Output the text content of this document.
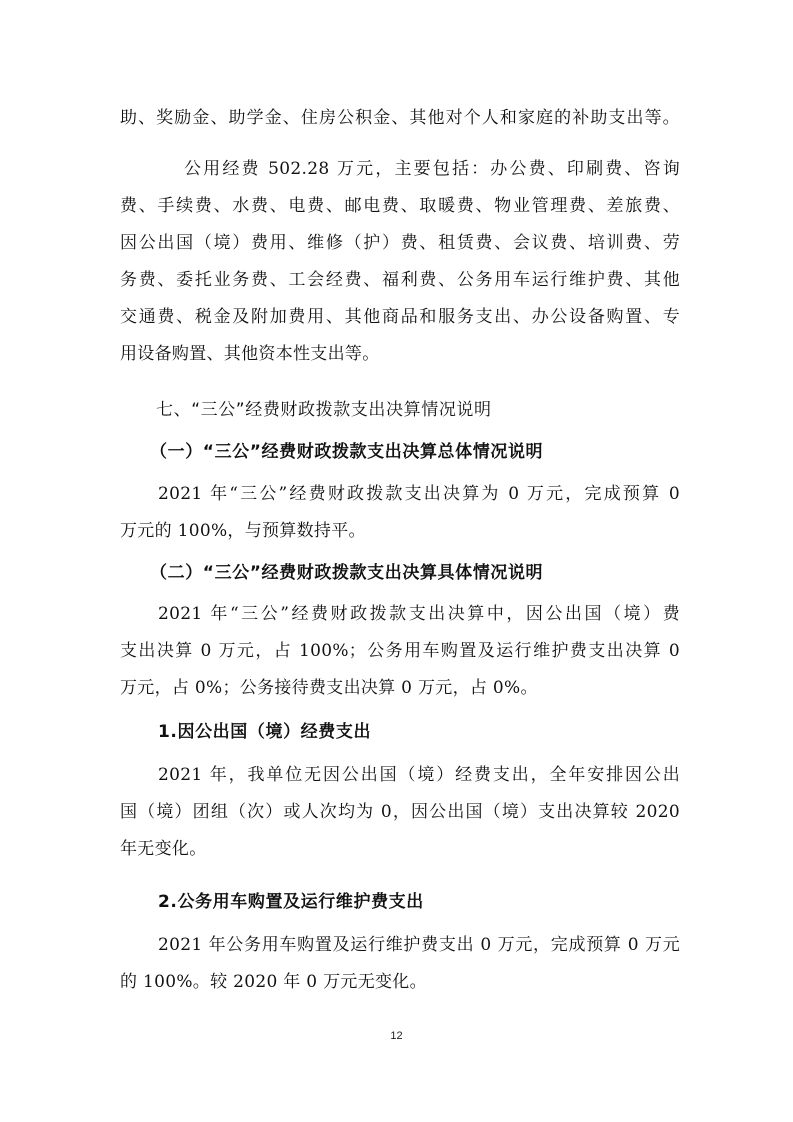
助、奖励金、助学金、住房公积金、其他对个人和家庭的补助支出等。
公用经费 502.28 万元，主要包括：办公费、印刷费、咨询
费、手续费、水费、电费、邮电费、取暖费、物业管理费、差旅费、
因公出国（境）费用、维修（护）费、租赁费、会议费、培训费、劳
务费、委托业务费、工会经费、福利费、公务用车运行维护费、其他
交通费、税金及附加费用、其他商品和服务支出、办公设备购置、专
用设备购置、其他资本性支出等。
七、“三公”经费财政拨款支出决算情况说明
（一）“三公”经费财政拨款支出决算总体情况说明
2021 年“三公”经费财政拨款支出决算为 0 万元，完成预算 0
万元的 100%，与预算数持平。
（二）“三公”经费财政拨款支出决算具体情况说明
2021 年“三公”经费财政拨款支出决算中，因公出国（境）费
支出决算 0 万元，占 100%；公务用车购置及运行维护费支出决算 0
万元，占 0%；公务接待费支出决算 0 万元，占 0%。
1.因公出国（境）经费支出
2021 年，我单位无因公出国（境）经费支出，全年安排因公出
国（境）团组（次）或人次均为 0，因公出国（境）支出决算较 2020
年无变化。
2.公务用车购置及运行维护费支出
2021 年公务用车购置及运行维护费支出 0 万元，完成预算 0 万元
的 100%。较 2020 年 0 万元无变化。
12
